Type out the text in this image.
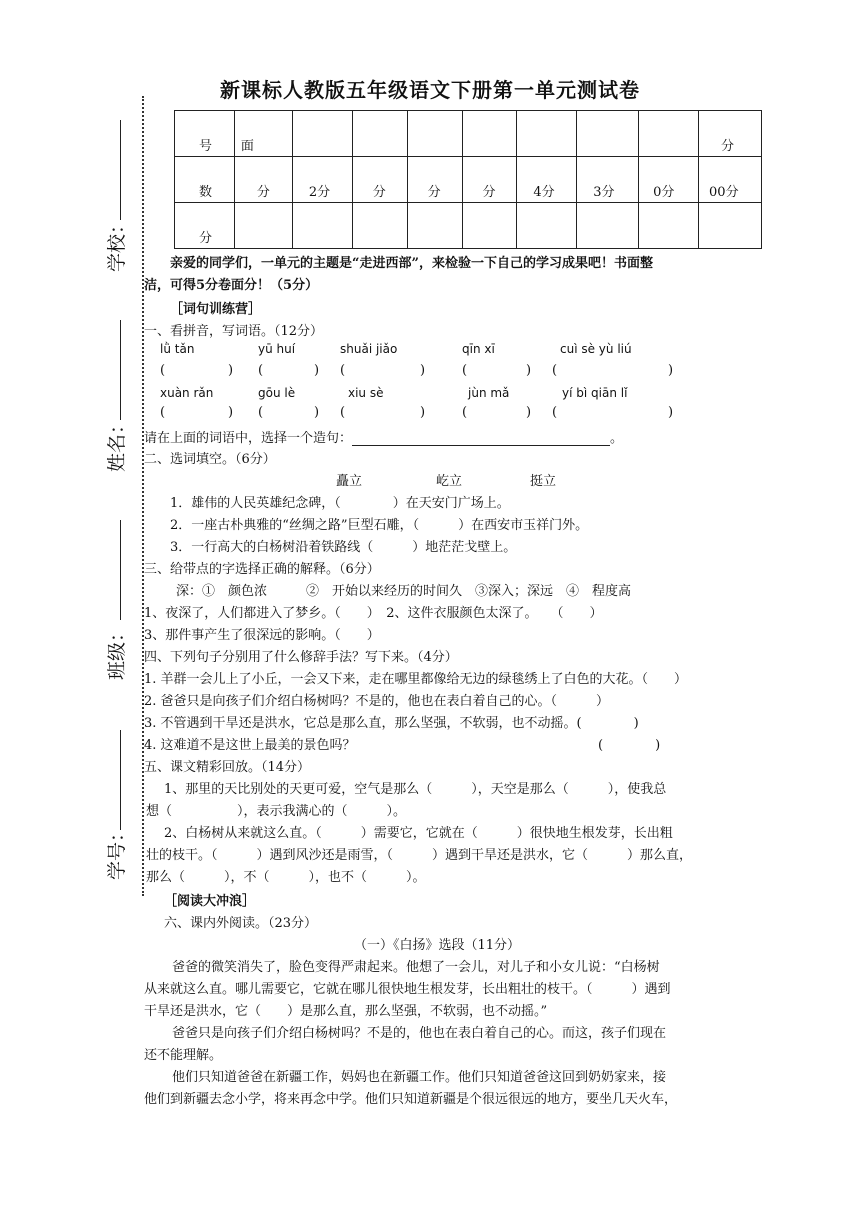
新课标人教版五年级语文下册第一单元测试卷
学校：
姓名：
班级：
学号：
号	面								分
数	分	2分	分	分	分	4分	3分	0分	00分
分									
亲爱的同学们，一单元的主题是“走进西部”，来检验一下自己的学习成果吧！书面整
洁，可得5分卷面分！（5分）
［词句训练营］
一、看拼音，写词语。（12分）
lǜ tǎn	yū huí	shuǎi jiǎo	qīn xī	cuì sè yù liú
(	) (	) (	)	(	) (	)
xuàn rǎn	gōu lè	xiu sè	jùn mǎ	yí bì qiān lǐ
(	) (	) (	)	(	) (	)
请在上面的词语中，选择一个造句：	。
二、选词填空。（6分）
矗立	屹立	挺立
1．雄伟的人民英雄纪念碑，（　　　　）在天安门广场上。
2．一座古朴典雅的“丝绸之路”巨型石雕，（　　　）在西安市玉祥门外。
3．一行高大的白杨树沿着铁路线（　　　）地茫茫戈壁上。
三、给带点的字选择正确的解释。（6分）
深：①　颜色浓　　　②　开始以来经历的时间久　③深入；深远　④　程度高
1、夜深了，人们都进入了梦乡。（　　）　2、这件衣服颜色太深了。　　（　　）
3、那件事产生了很深远的影响。（　　）
四、下列句子分别用了什么修辞手法？写下来。（4分）
1. 羊群一会儿上了小丘，一会又下来，走在哪里都像给无边的绿毯绣上了白色的大花。（　　）
2. 爸爸只是向孩子们介绍白杨树吗？不是的，他也在表白着自己的心。（　　　）
3. 不管遇到干旱还是洪水，它总是那么直，那么坚强，不软弱，也不动摇。(　　　　)
4. 这难道不是这世上最美的景色吗？	(　　　　)
五、课文精彩回放。（14分）
1、那里的天比别处的天更可爱，空气是那么（　　　），天空是那么（　　　），使我总
想（　　　　　），表示我满心的（　　　）。
2、白杨树从来就这么直。（　　　）需要它，它就在（　　　）很快地生根发芽，长出粗
壮的枝干。（　　　）遇到风沙还是雨雪，（　　　）遇到干旱还是洪水，它（　　　）那么直，
那么（　　　），不（　　　），也不（　　　）。
［阅读大冲浪］
六、课内外阅读。（23分）
（一）《白扬》选段（11分）
爸爸的微笑消失了，脸色变得严肃起来。他想了一会儿，对儿子和小女儿说：“白杨树
从来就这么直。哪儿需要它，它就在哪儿很快地生根发芽，长出粗壮的枝干。（　　　）遇到
干旱还是洪水，它（　　）是那么直，那么坚强，不软弱，也不动摇。”
爸爸只是向孩子们介绍白杨树吗？不是的，他也在表白着自己的心。而这，孩子们现在
还不能理解。
他们只知道爸爸在新疆工作，妈妈也在新疆工作。他们只知道爸爸这回到奶奶家来，接
他们到新疆去念小学，将来再念中学。他们只知道新疆是个很远很远的地方，要坐几天火车，
